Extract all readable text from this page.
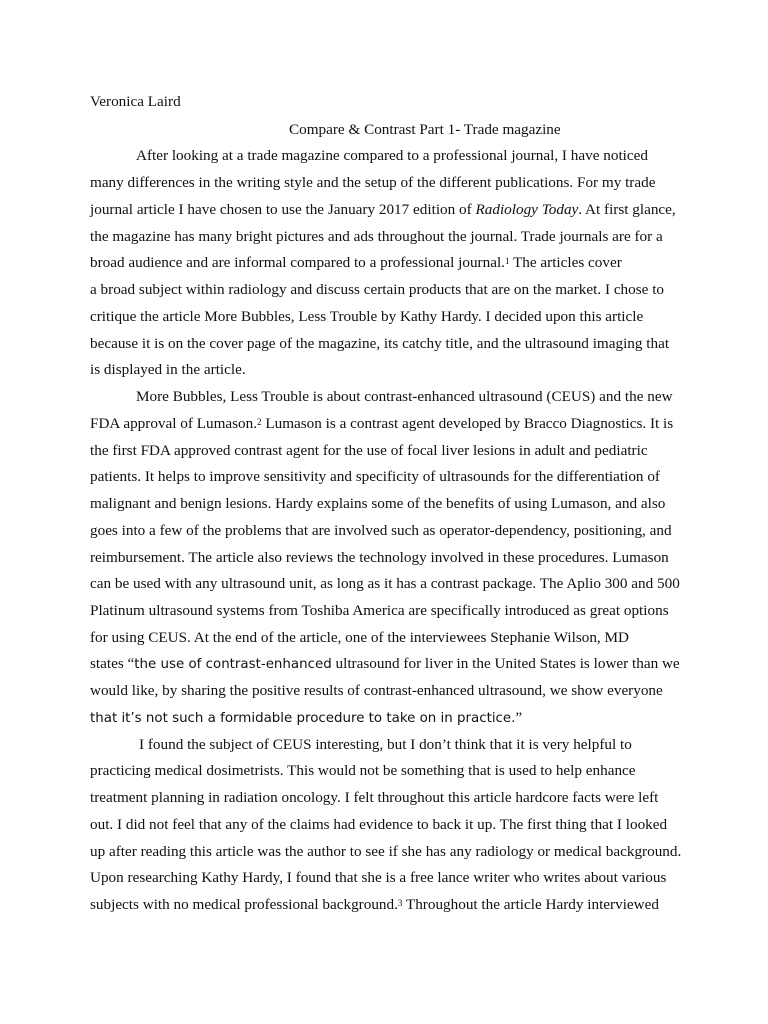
Veronica Laird
Compare & Contrast Part 1- Trade magazine
After looking at a trade magazine compared to a professional journal, I have noticed
many differences in the writing style and the setup of the different publications. For my trade
journal article I have chosen to use the January 2017 edition of Radiology Today. At first glance,
the magazine has many bright pictures and ads throughout the journal. Trade journals are for a
broad audience and are informal compared to a professional journal.$^1$ The articles cover
a broad subject within radiology and discuss certain products that are on the market. I chose to
critique the article More Bubbles, Less Trouble by Kathy Hardy. I decided upon this article
because it is on the cover page of the magazine, its catchy title, and the ultrasound imaging that
is displayed in the article.
More Bubbles, Less Trouble is about contrast-enhanced ultrasound (CEUS) and the new
FDA approval of Lumason.$^2$ Lumason is a contrast agent developed by Bracco Diagnostics. It is
the first FDA approved contrast agent for the use of focal liver lesions in adult and pediatric
patients. It helps to improve sensitivity and specificity of ultrasounds for the differentiation of
malignant and benign lesions. Hardy explains some of the benefits of using Lumason, and also
goes into a few of the problems that are involved such as operator-dependency, positioning, and
reimbursement. The article also reviews the technology involved in these procedures. Lumason
can be used with any ultrasound unit, as long as it has a contrast package. The Aplio 300 and 500
Platinum ultrasound systems from Toshiba America are specifically introduced as great options
for using CEUS. At the end of the article, one of the interviewees Stephanie Wilson, MD
states “the use of contrast-enhanced ultrasound for liver in the United States is lower than we
would like, by sharing the positive results of contrast-enhanced ultrasound, we show everyone
that it’s not such a formidable procedure to take on in practice.”
I found the subject of CEUS interesting, but I don’t think that it is very helpful to
practicing medical dosimetrists. This would not be something that is used to help enhance
treatment planning in radiation oncology. I felt throughout this article hardcore facts were left
out. I did not feel that any of the claims had evidence to back it up. The first thing that I looked
up after reading this article was the author to see if she has any radiology or medical background.
Upon researching Kathy Hardy, I found that she is a free lance writer who writes about various
subjects with no medical professional background.$^3$ Throughout the article Hardy interviewed
